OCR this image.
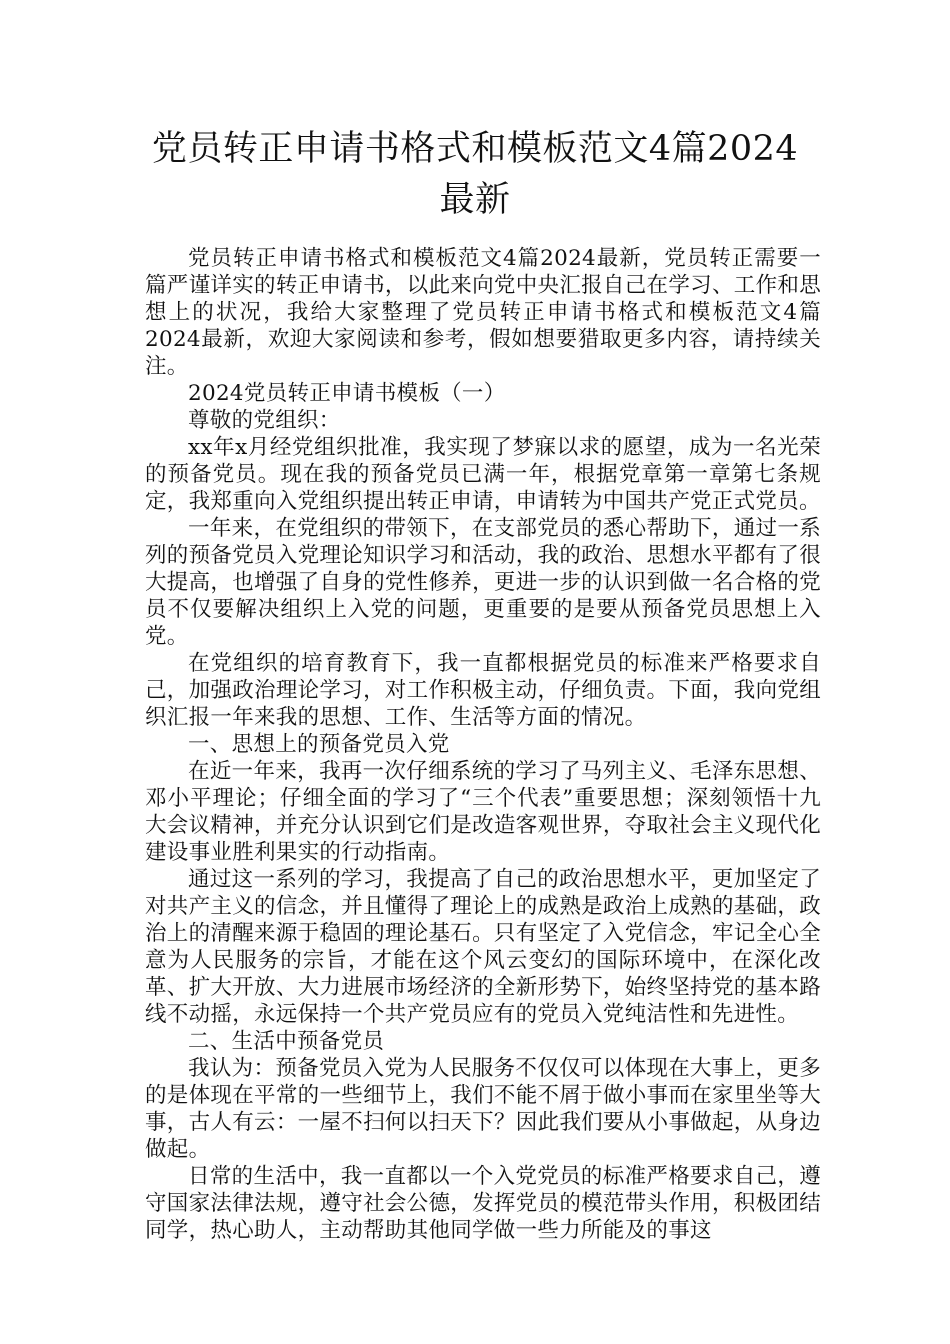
党员转正申请书格式和模板范文4篇2024最新

党员转正申请书格式和模板范文4篇2024最新，党员转正需要一篇严谨详实的转正申请书，以此来向党中央汇报自己在学习、工作和思想上的状况，我给大家整理了党员转正申请书格式和模板范文4篇2024最新，欢迎大家阅读和参考，假如想要猎取更多内容，请持续关注。

2024党员转正申请书模板（一）

尊敬的党组织：

xx年x月经党组织批准，我实现了梦寐以求的愿望，成为一名光荣的预备党员。现在我的预备党员已满一年，根据党章第一章第七条规定，我郑重向入党组织提出转正申请，申请转为中国共产党正式党员。

一年来，在党组织的带领下，在支部党员的悉心帮助下，通过一系列的预备党员入党理论知识学习和活动，我的政治、思想水平都有了很大提高，也增强了自身的党性修养，更进一步的认识到做一名合格的党员不仅要解决组织上入党的问题，更重要的是要从预备党员思想上入党。

在党组织的培育教育下，我一直都根据党员的标准来严格要求自己，加强政治理论学习，对工作积极主动，仔细负责。下面，我向党组织汇报一年来我的思想、工作、生活等方面的情况。

一、思想上的预备党员入党

在近一年来，我再一次仔细系统的学习了马列主义、毛泽东思想、邓小平理论；仔细全面的学习了“三个代表”重要思想；深刻领悟十九大会议精神，并充分认识到它们是改造客观世界，夺取社会主义现代化建设事业胜利果实的行动指南。

通过这一系列的学习，我提高了自己的政治思想水平，更加坚定了对共产主义的信念，并且懂得了理论上的成熟是政治上成熟的基础，政治上的清醒来源于稳固的理论基石。只有坚定了入党信念，牢记全心全意为人民服务的宗旨，才能在这个风云变幻的国际环境中，在深化改革、扩大开放、大力进展市场经济的全新形势下，始终坚持党的基本路线不动摇，永远保持一个共产党员应有的党员入党纯洁性和先进性。

二、生活中预备党员

我认为：预备党员入党为人民服务不仅仅可以体现在大事上，更多的是体现在平常的一些细节上，我们不能不屑于做小事而在家里坐等大事，古人有云：一屋不扫何以扫天下？因此我们要从小事做起，从身边做起。

日常的生活中，我一直都以一个入党党员的标准严格要求自己，遵守国家法律法规，遵守社会公德，发挥党员的模范带头作用，积极团结同学，热心助人，主动帮助其他同学做一些力所能及的事这
